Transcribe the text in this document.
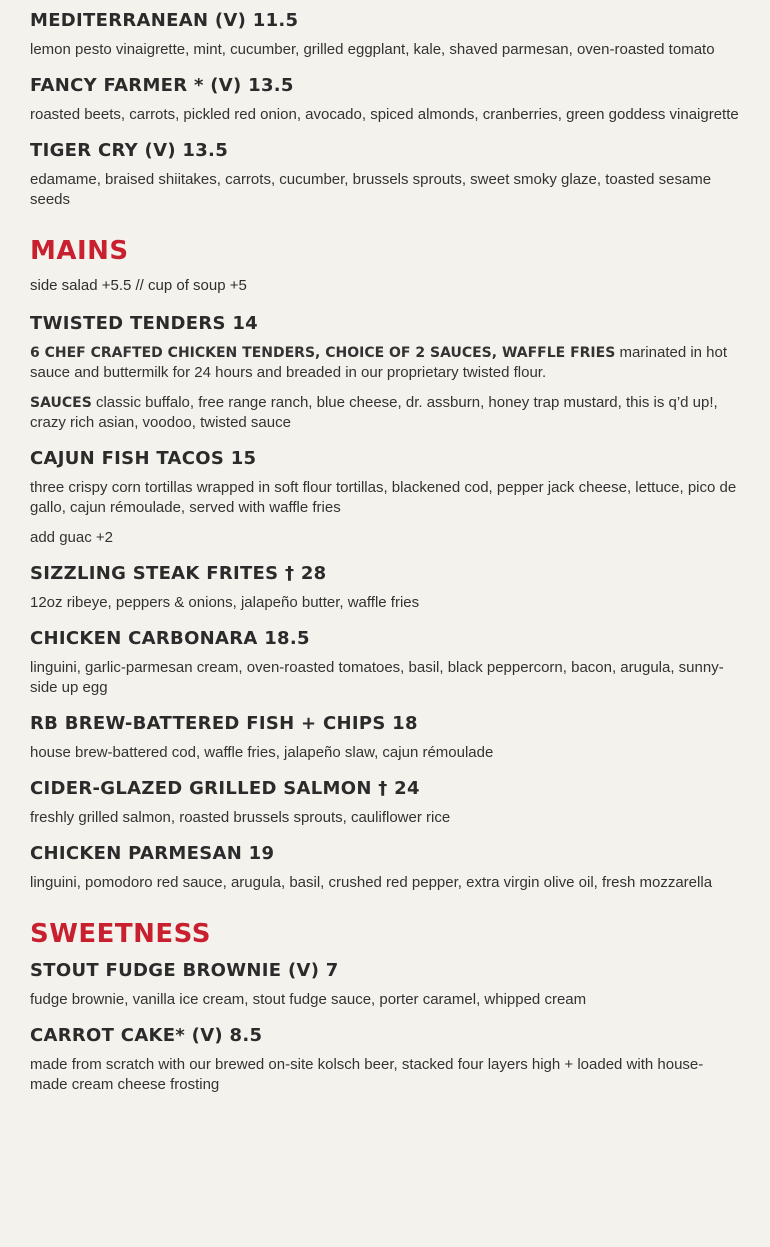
MEDITERRANEAN (V) 11.5

lemon pesto vinaigrette, mint, cucumber, grilled eggplant, kale, shaved parmesan, oven-roasted tomato

FANCY FARMER * (V) 13.5

roasted beets, carrots, pickled red onion, avocado, spiced almonds, cranberries, green goddess vinaigrette

TIGER CRY (V) 13.5

edamame, braised shiitakes, carrots, cucumber, brussels sprouts, sweet smoky glaze, toasted sesame seeds

MAINS

side salad +5.5 // cup of soup +5

TWISTED TENDERS 14

6 CHEF CRAFTED CHICKEN TENDERS, CHOICE OF 2 SAUCES, WAFFLE FRIES marinated in hot sauce and buttermilk for 24 hours and breaded in our proprietary twisted flour.

SAUCES classic buffalo, free range ranch, blue cheese, dr. assburn, honey trap mustard, this is q’d up!, crazy rich asian, voodoo, twisted sauce

CAJUN FISH TACOS 15

three crispy corn tortillas wrapped in soft flour tortillas, blackened cod, pepper jack cheese, lettuce, pico de gallo, cajun rémoulade, served with waffle fries

add guac +2

SIZZLING STEAK FRITES † 28

12oz ribeye, peppers & onions, jalapeño butter, waffle fries

CHICKEN CARBONARA 18.5

linguini, garlic-parmesan cream, oven-roasted tomatoes, basil, black peppercorn, bacon, arugula, sunny-side up egg

RB BREW-BATTERED FISH + CHIPS 18

house brew-battered cod, waffle fries, jalapeño slaw, cajun rémoulade

CIDER-GLAZED GRILLED SALMON † 24

freshly grilled salmon, roasted brussels sprouts, cauliflower rice

CHICKEN PARMESAN 19

linguini, pomodoro red sauce, arugula, basil, crushed red pepper, extra virgin olive oil, fresh mozzarella

SWEETNESS
STOUT FUDGE BROWNIE (V) 7

fudge brownie, vanilla ice cream, stout fudge sauce, porter caramel, whipped cream

CARROT CAKE* (V) 8.5

made from scratch with our brewed on-site kolsch beer, stacked four layers high + loaded with house-made cream cheese frosting
